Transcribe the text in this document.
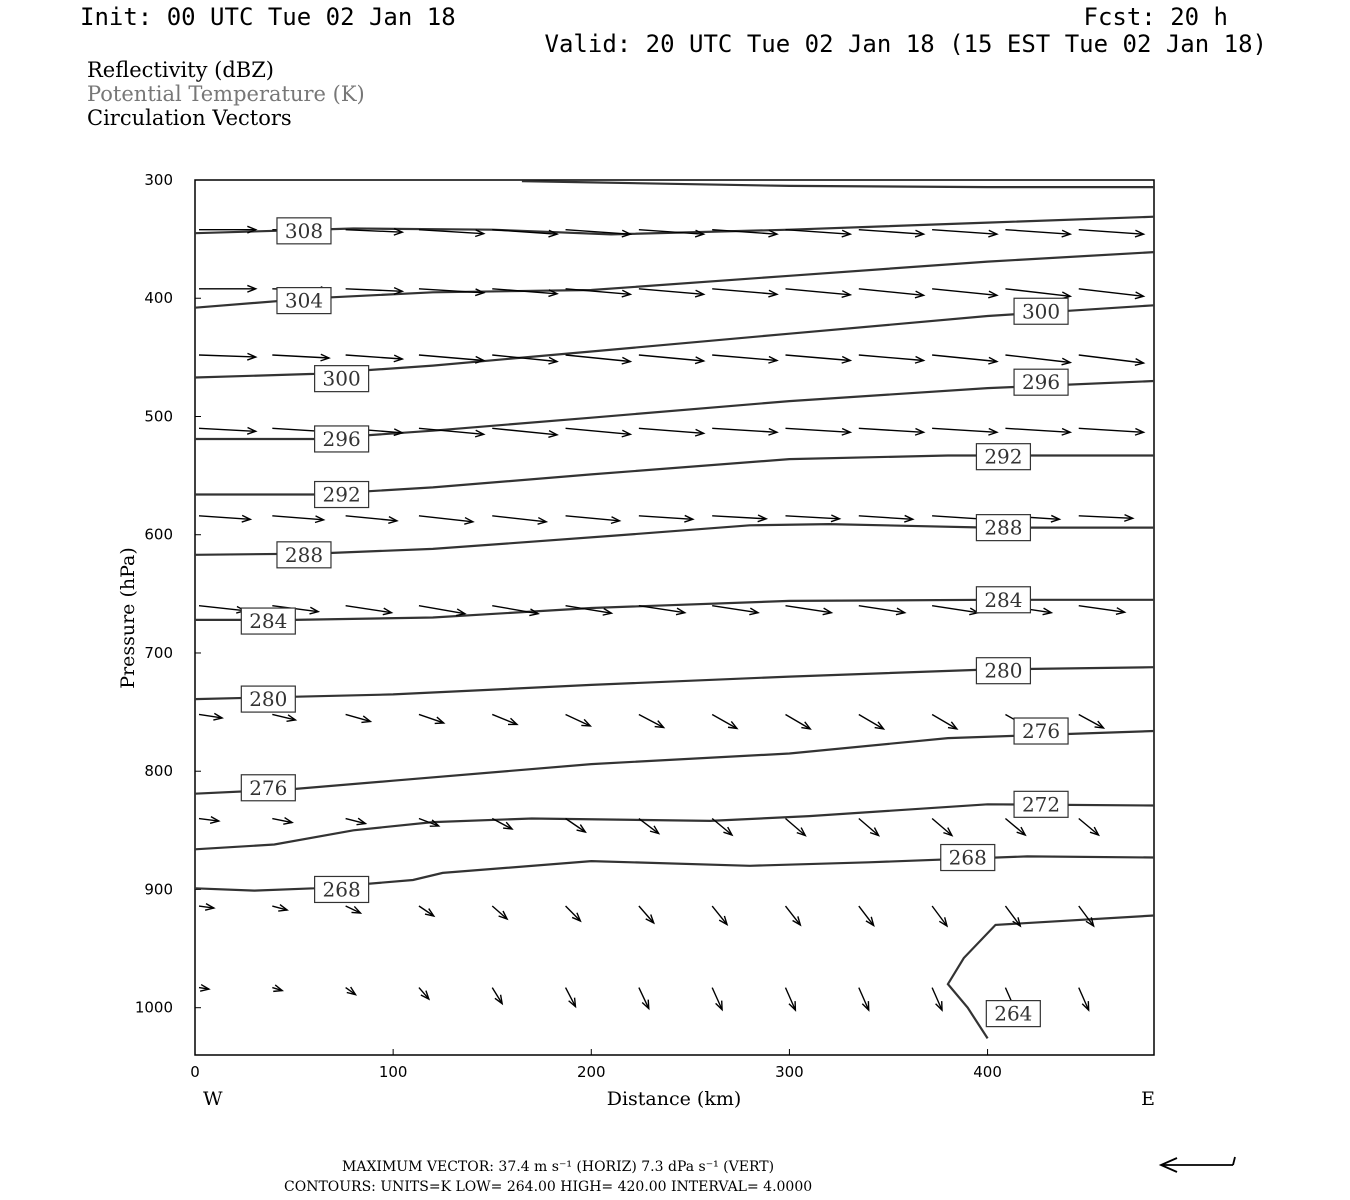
Init: 00 UTC Tue 02 Jan 18	Fcst: 20 h
Valid: 20 UTC Tue 02 Jan 18 (15 EST Tue 02 Jan 18)
Reflectivity (dBZ)
Potential Temperature (K)
Circulation Vectors
0	100	200	300	400
300
400
500
600
700
800
900
1000
Distance (km)
W	E
Pressure (hPa)
264
268
268
272
276
276
280
280
284
284
288
288
292
292
296
296
300
300
304
308
MAXIMUM VECTOR: 37.4 m s⁻¹ (HORIZ) 7.3 dPa s⁻¹ (VERT)
CONTOURS: UNITS=K LOW= 264.00 HIGH= 420.00 INTERVAL= 4.0000
